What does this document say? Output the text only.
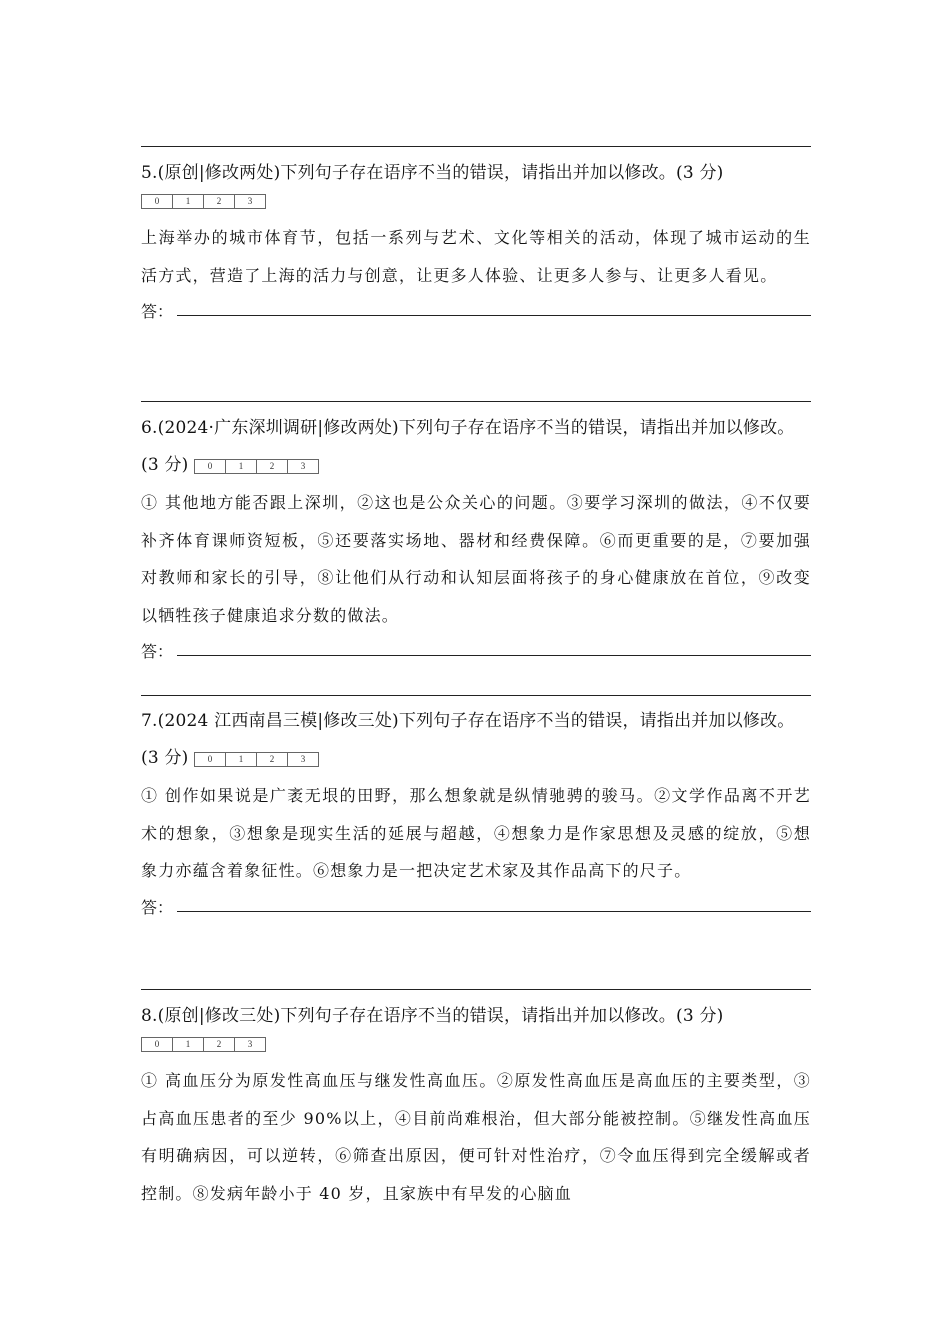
5.(原创|修改两处)下列句子存在语序不当的错误，请指出并加以修改。(3 分)
0	1	2	3
上海举办的城市体育节，包括一系列与艺术、文化等相关的活动，体现了城市运动的生活方式，营造了上海的活力与创意，让更多人体验、让更多人参与、让更多人看见。
答：
6.(2024·广东深圳调研|修改两处)下列句子存在语序不当的错误，请指出并加以修改。(3 分)	0	1	2	3
① 其他地方能否跟上深圳，②这也是公众关心的问题。③要学习深圳的做法，④不仅要补齐体育课师资短板，⑤还要落实场地、器材和经费保障。⑥而更重要的是，⑦要加强对教师和家长的引导，⑧让他们从行动和认知层面将孩子的身心健康放在首位，⑨改变以牺牲孩子健康追求分数的做法。
答：
7.(2024 江西南昌三模|修改三处)下列句子存在语序不当的错误，请指出并加以修改。(3 分)	0	1	2	3
① 创作如果说是广袤无垠的田野，那么想象就是纵情驰骋的骏马。②文学作品离不开艺术的想象，③想象是现实生活的延展与超越，④想象力是作家思想及灵感的绽放，⑤想象力亦蕴含着象征性。⑥想象力是一把决定艺术家及其作品高下的尺子。
答：
8.(原创|修改三处)下列句子存在语序不当的错误，请指出并加以修改。(3 分)
0	1	2	3
① 高血压分为原发性高血压与继发性高血压。②原发性高血压是高血压的主要类型，③占高血压患者的至少 90%以上，④目前尚难根治，但大部分能被控制。⑤继发性高血压有明确病因，可以逆转，⑥筛查出原因，便可针对性治疗，⑦令血压得到完全缓解或者控制。⑧发病年龄小于 40 岁，且家族中有早发的心脑血
